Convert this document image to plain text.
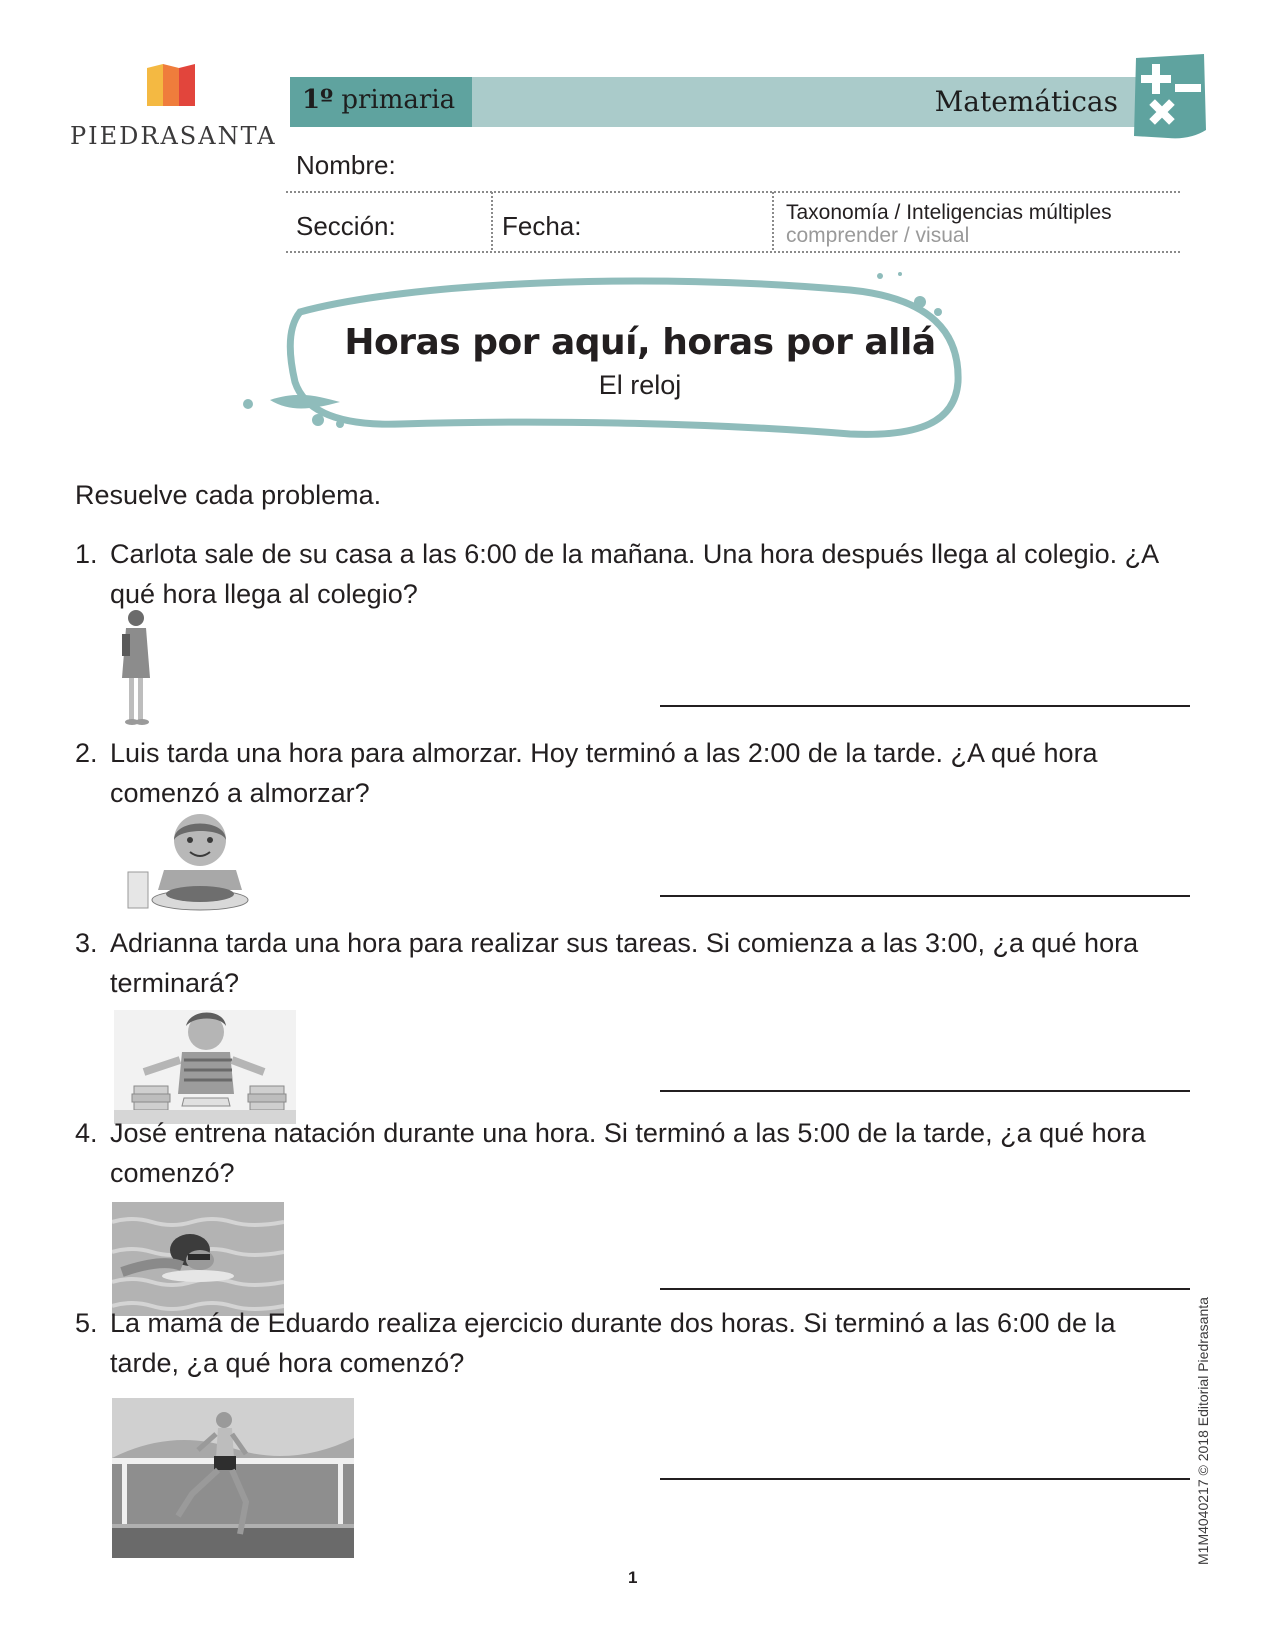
PIEDRASANTA
1º primaria	Matemáticas
Nombre:
Sección:	Fecha:	Taxonomía / Inteligencias múltiples
comprender / visual
Horas por aquí, horas por allá
El reloj
Resuelve cada problema.
1. Carlota sale de su casa a las 6:00 de la mañana. Una hora después llega al colegio. ¿A
qué hora llega al colegio?
2. Luis tarda una hora para almorzar. Hoy terminó a las 2:00 de la tarde. ¿A qué hora
comenzó a almorzar?
3. Adrianna tarda una hora para realizar sus tareas. Si comienza a las 3:00, ¿a qué hora
terminará?
4. José entrena natación durante una hora. Si terminó a las 5:00 de la tarde, ¿a qué hora
comenzó?
5. La mamá de Eduardo realiza ejercicio durante dos horas. Si terminó a las 6:00 de la
tarde, ¿a qué hora comenzó?	M1M4040217 © 2018 Editorial Piedrasanta
1
